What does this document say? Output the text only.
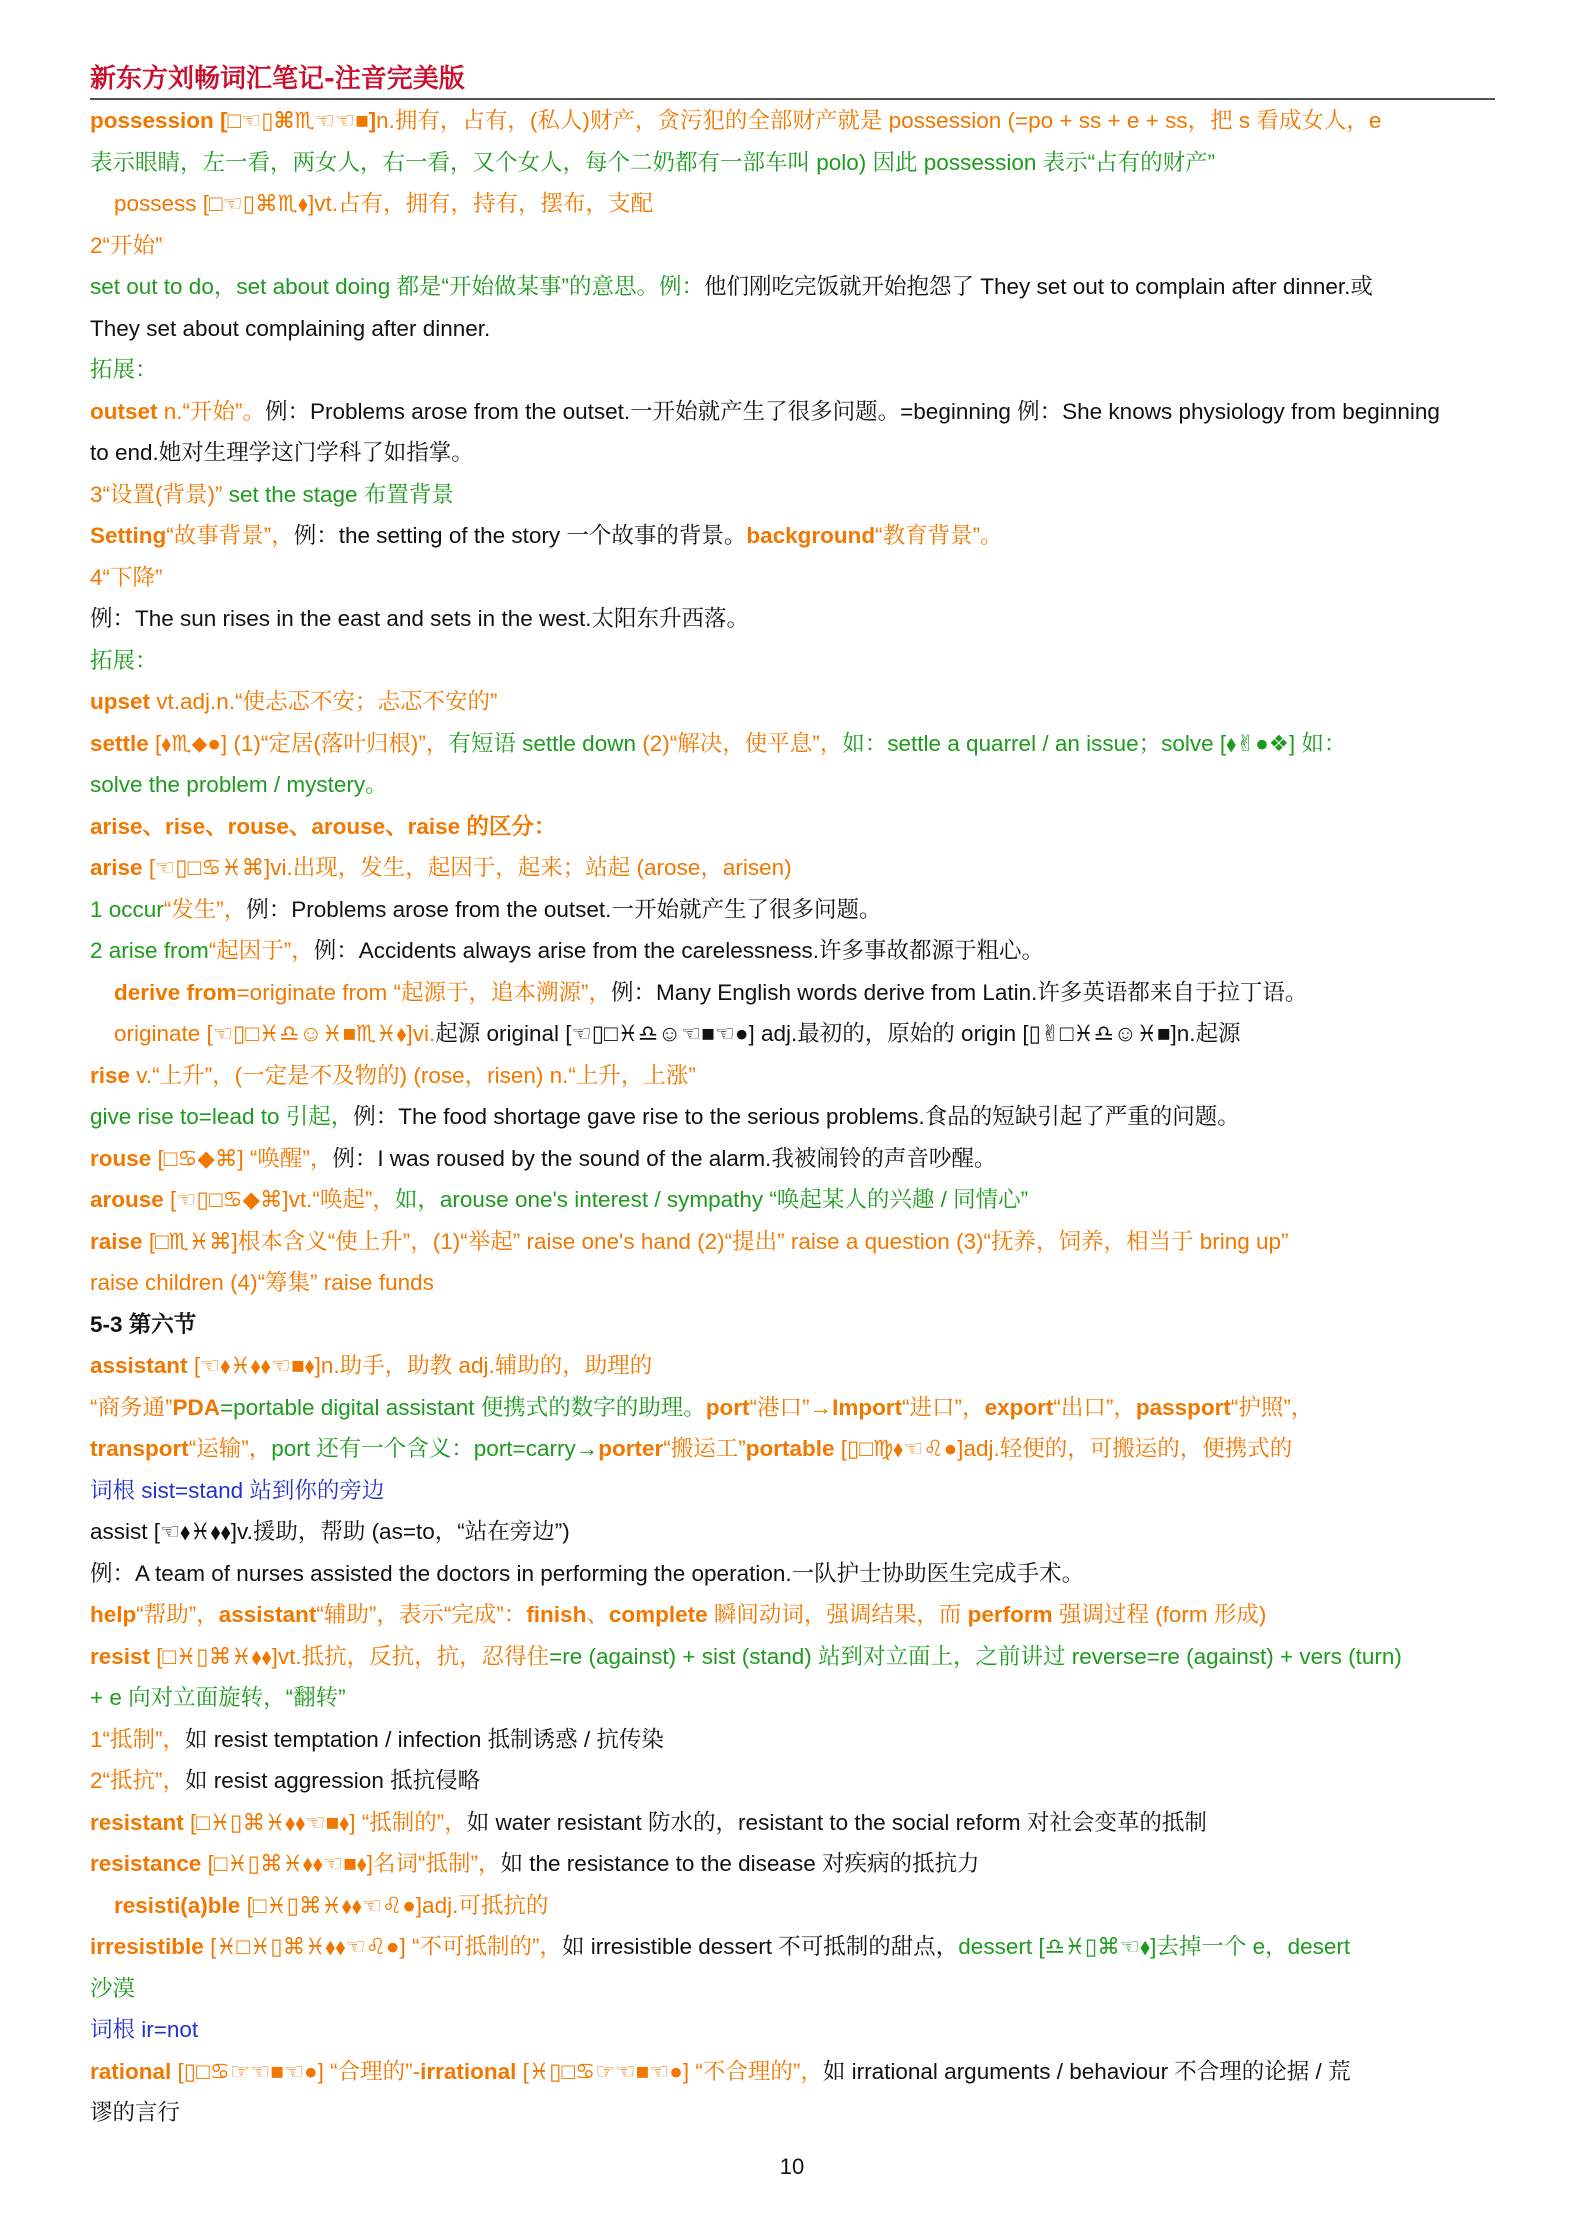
新东方刘畅词汇笔记-注音完美版
possession [□☜▯⌘♏☜☜■]n.拥有，占有，(私人)财产，贪污犯的全部财产就是 possession (=po + ss + e + ss，把 s 看成女人，e
表示眼睛，左一看，两女人，右一看，又个女人，每个二奶都有一部车叫 polo) 因此 possession 表示“占有的财产”
possess [□☜▯⌘♏⬧]vt.占有，拥有，持有，摆布，支配
2“开始”
set out to do，set about doing 都是“开始做某事”的意思。例：他们刚吃完饭就开始抱怨了 They set out to complain after dinner.或
They set about complaining after dinner.
拓展：
outset n.“开始”。例：Problems arose from the outset.一开始就产生了很多问题。=beginning 例：She knows physiology from beginning
to end.她对生理学这门学科了如指掌。
3“设置(背景)” set the stage 布置背景
Setting“故事背景”，例：the setting of the story 一个故事的背景。background“教育背景”。
4“下降”
例：The sun rises in the east and sets in the west.太阳东升西落。
拓展：
upset vt.adj.n.“使忐忑不安；忐忑不安的”
settle [⬧♏⬥●] (1)“定居(落叶归根)”，有短语 settle down (2)“解决，使平息”，如：settle a quarrel / an issue；solve [⬧✌●❖] 如：
solve the problem / mystery。
arise、rise、rouse、arouse、raise 的区分：
arise [☜▯□♋♓⌘]vi.出现，发生，起因于，起来；站起 (arose，arisen)
1 occur“发生”，例：Problems arose from the outset.一开始就产生了很多问题。
2 arise from“起因于”，例：Accidents always arise from the carelessness.许多事故都源于粗心。
derive from=originate from “起源于，追本溯源”，例：Many English words derive from Latin.许多英语都来自于拉丁语。
originate [☜▯□♓♎☺♓■♏♓⬧]vi.起源 original [☜▯□♓♎☺☜■☜●] adj.最初的，原始的 origin [▯✌□♓♎☺♓■]n.起源
rise v.“上升”，(一定是不及物的) (rose，risen) n.“上升，上涨”
give rise to=lead to 引起，例：The food shortage gave rise to the serious problems.食品的短缺引起了严重的问题。
rouse [□♋◆⌘] “唤醒”，例：I was roused by the sound of the alarm.我被闹铃的声音吵醒。
arouse [☜▯□♋◆⌘]vt.“唤起”，如，arouse one's interest / sympathy “唤起某人的兴趣 / 同情心”
raise [□♏♓⌘]根本含义“使上升”，(1)“举起” raise one's hand (2)“提出” raise a question (3)“抚养，饲养，相当于 bring up”
raise children (4)“筹集” raise funds
5-3 第六节
assistant [☜⬧♓⬧⬧☜■⬧]n.助手，助教 adj.辅助的，助理的
“商务通”PDA=portable digital assistant 便携式的数字的助理。port“港口”→Import“进口”，export“出口”，passport“护照”，
transport“运输”，port 还有一个含义：port=carry→porter“搬运工”portable [▯□♍⬧☜♌●]adj.轻便的，可搬运的，便携式的
词根 sist=stand 站到你的旁边
assist [☜⬧♓⬧⬧]v.援助，帮助 (as=to，“站在旁边”)
例：A team of nurses assisted the doctors in performing the operation.一队护士协助医生完成手术。
help“帮助”，assistant“辅助”，表示“完成”：finish、complete 瞬间动词，强调结果，而 perform 强调过程 (form 形成)
resist [□♓▯⌘♓⬧⬧]vt.抵抗，反抗，抗，忍得住=re (against) + sist (stand) 站到对立面上，之前讲过 reverse=re (against) + vers (turn)
+ e 向对立面旋转，“翻转”
1“抵制”，如 resist temptation / infection 抵制诱惑 / 抗传染
2“抵抗”，如 resist aggression 抵抗侵略
resistant [□♓▯⌘♓⬧⬧☜■⬧] “抵制的”，如 water resistant 防水的，resistant to the social reform 对社会变革的抵制
resistance [□♓▯⌘♓⬧⬧☜■⬧]名词“抵制”，如 the resistance to the disease 对疾病的抵抗力
resisti(a)ble [□♓▯⌘♓⬧⬧☜♌●]adj.可抵抗的
irresistible [♓□♓▯⌘♓⬧⬧☜♌●] “不可抵制的”，如 irresistible dessert 不可抵制的甜点，dessert [♎♓▯⌘☜⬧]去掉一个 e，desert
沙漠
词根 ir=not
rational [▯□♋☞☜■☜●] “合理的”-irrational [♓▯□♋☞☜■☜●] “不合理的”，如 irrational arguments / behaviour 不合理的论据 / 荒
谬的言行
10
